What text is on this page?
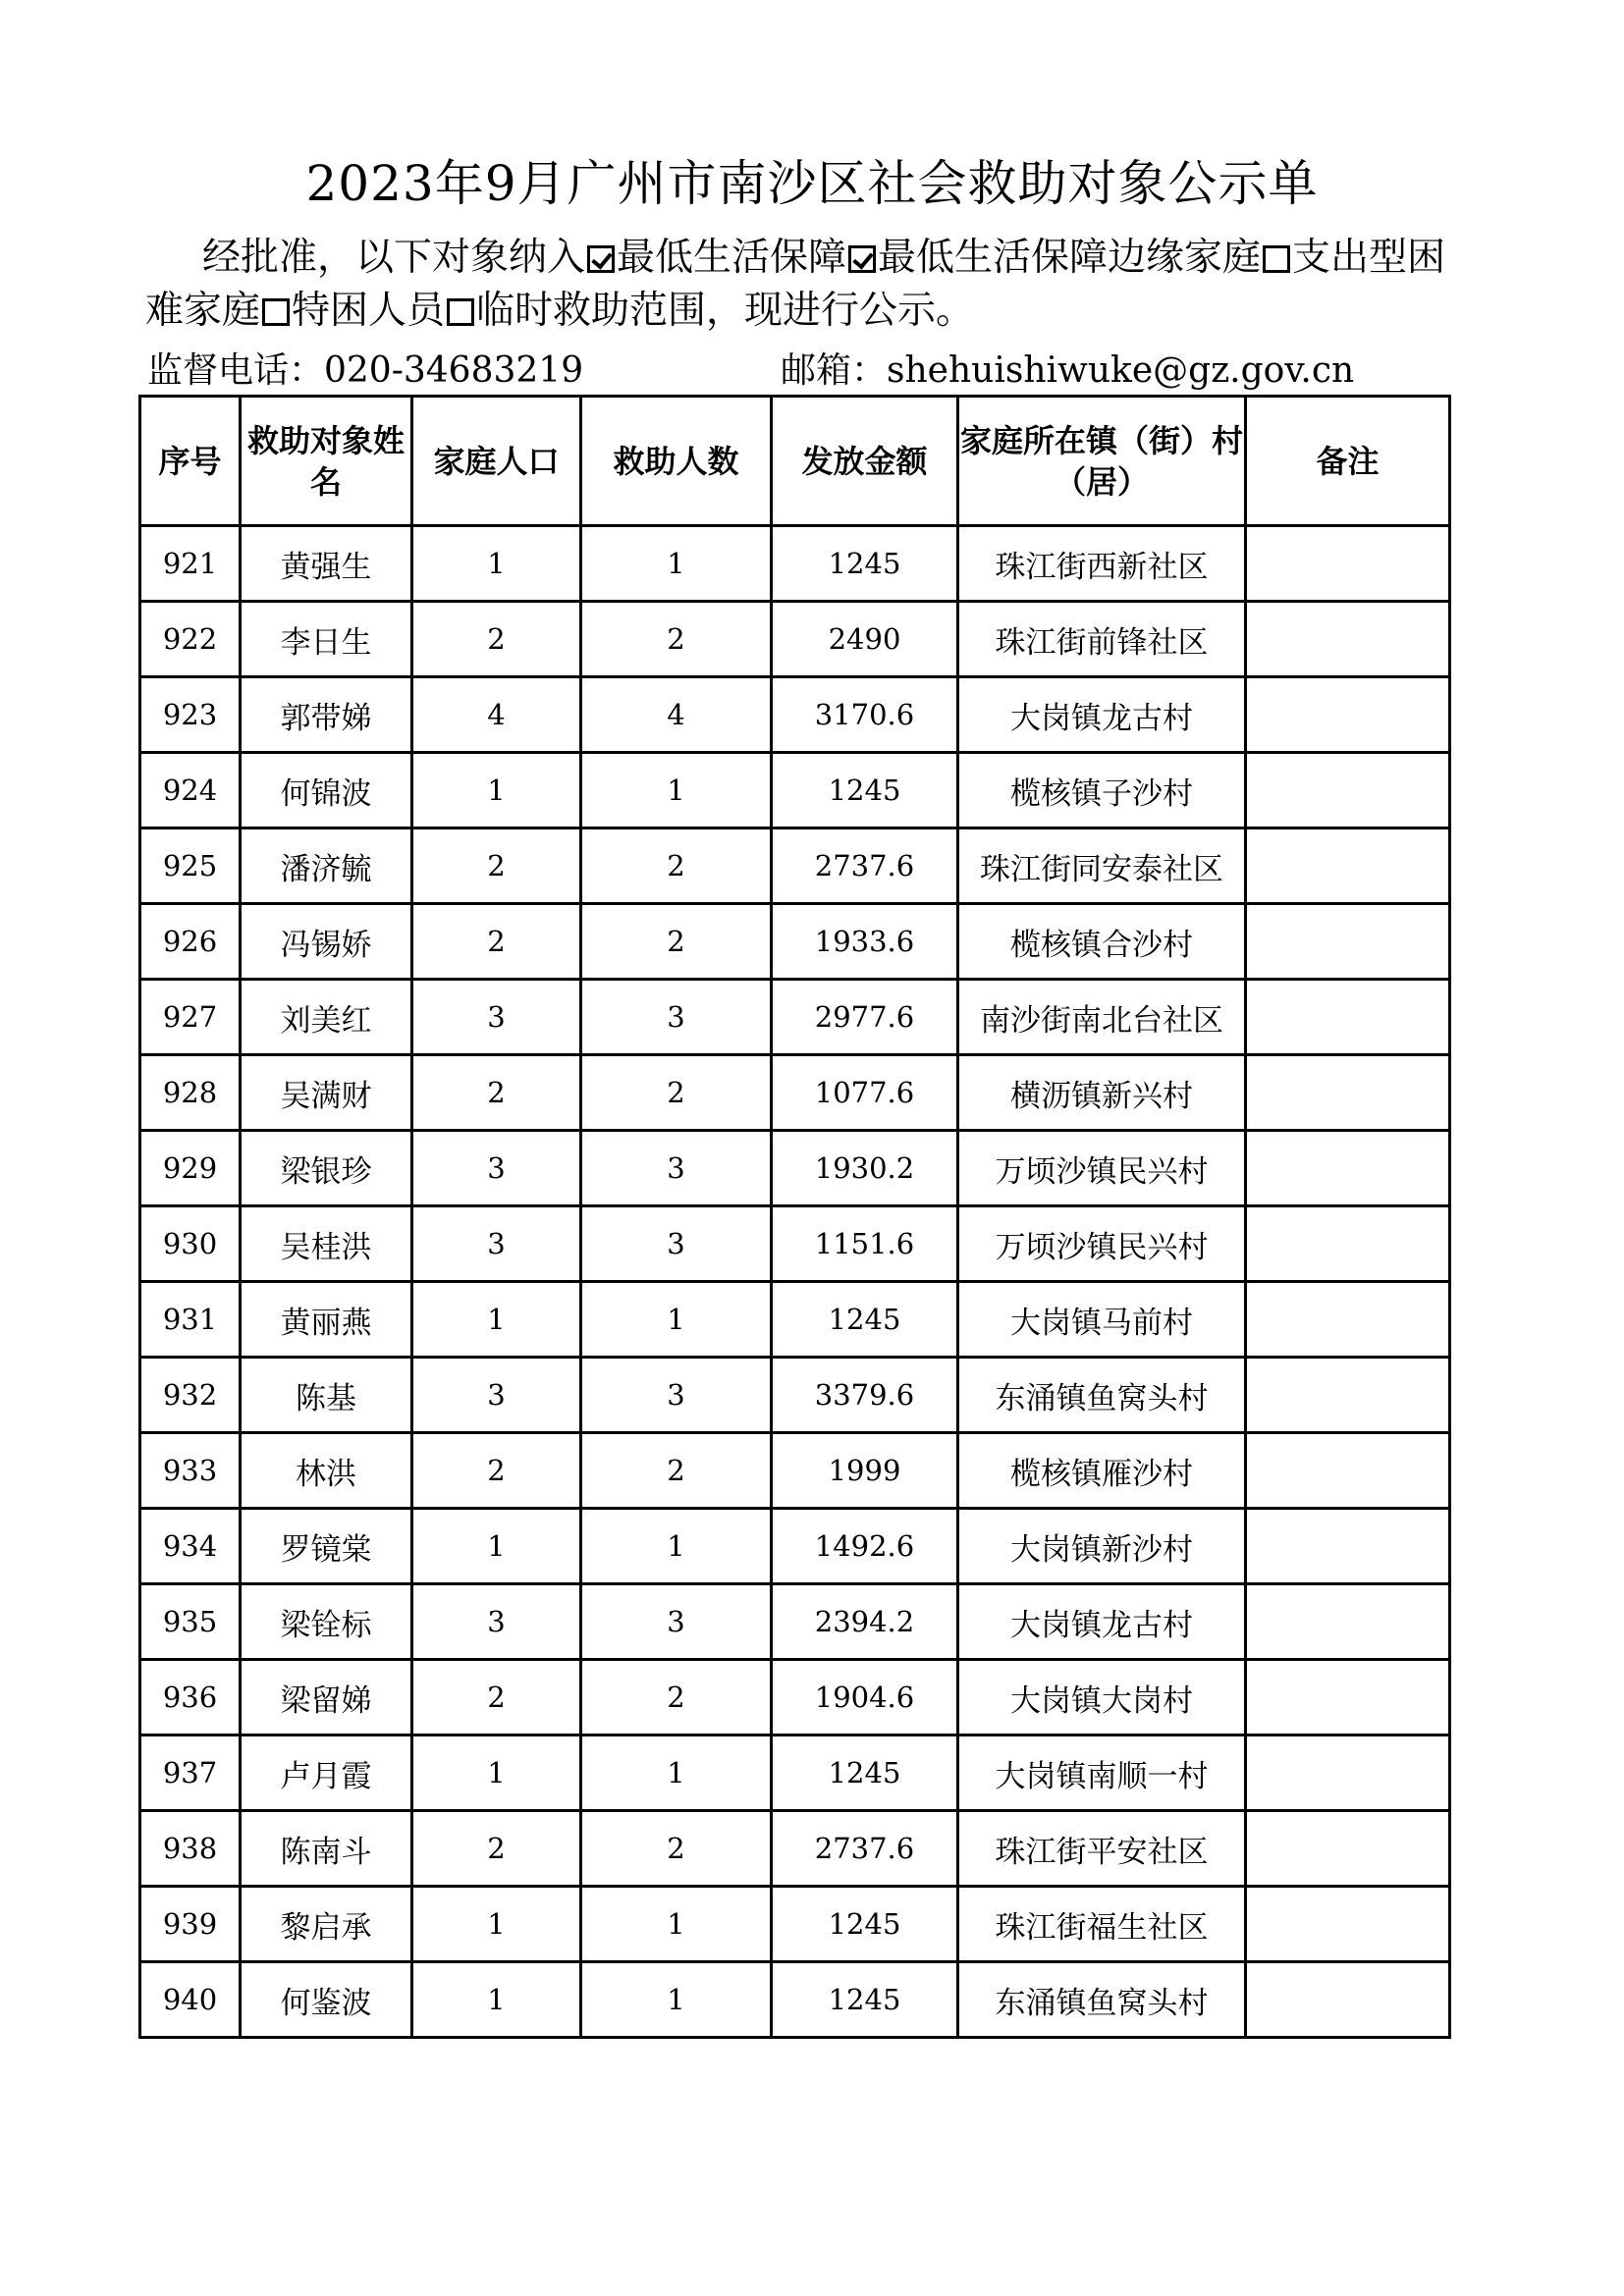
2023年9月广州市南沙区社会救助对象公示单

经批准，以下对象纳入 最低生活保障 最低生活保障边缘家庭 支出型困难家庭 特困人员 临时救助范围，现进行公示。

监督电话：020-34683219	邮箱：shehuishiwuke@gz.gov.cn

序号	救助对象姓名	家庭人口	救助人数	发放金额	家庭所在镇（街）村（居）	备注
921	黄强生	1	1	1245	珠江街西新社区	
922	李日生	2	2	2490	珠江街前锋社区	
923	郭带娣	4	4	3170.6	大岗镇龙古村	
924	何锦波	1	1	1245	榄核镇子沙村	
925	潘济毓	2	2	2737.6	珠江街同安泰社区	
926	冯锡娇	2	2	1933.6	榄核镇合沙村	
927	刘美红	3	3	2977.6	南沙街南北台社区	
928	吴满财	2	2	1077.6	横沥镇新兴村	
929	梁银珍	3	3	1930.2	万顷沙镇民兴村	
930	吴桂洪	3	3	1151.6	万顷沙镇民兴村	
931	黄丽燕	1	1	1245	大岗镇马前村	
932	陈基	3	3	3379.6	东涌镇鱼窝头村	
933	林洪	2	2	1999	榄核镇雁沙村	
934	罗镜棠	1	1	1492.6	大岗镇新沙村	
935	梁铨标	3	3	2394.2	大岗镇龙古村	
936	梁留娣	2	2	1904.6	大岗镇大岗村	
937	卢月霞	1	1	1245	大岗镇南顺一村	
938	陈南斗	2	2	2737.6	珠江街平安社区	
939	黎启承	1	1	1245	珠江街福生社区	
940	何鉴波	1	1	1245	东涌镇鱼窝头村	
